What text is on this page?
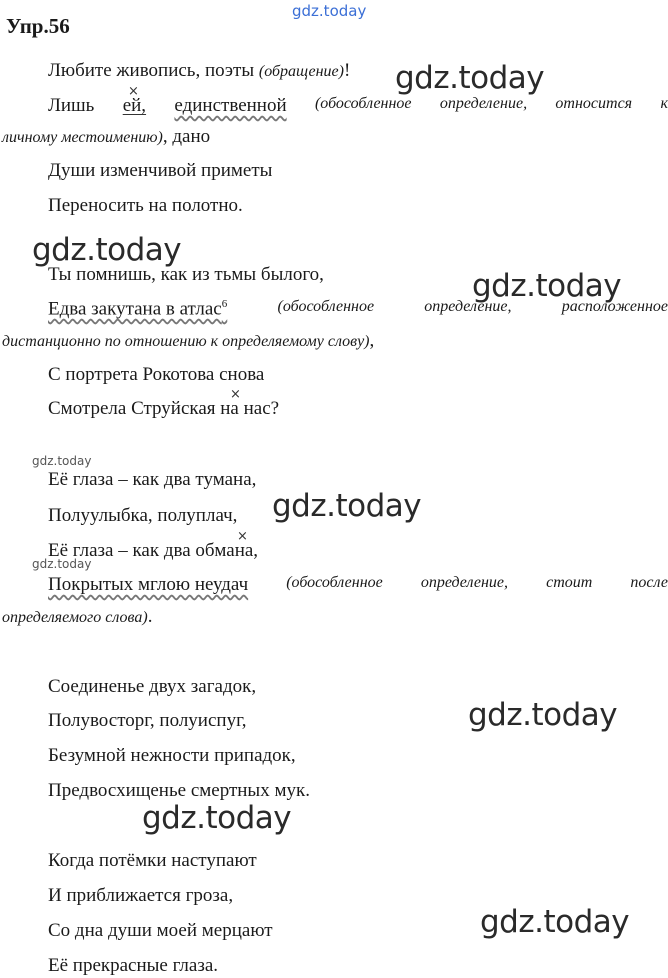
gdz.today
Упр.56
Любите живопись, поэты (обращение)!
×
Лишь ей, единственной (обособленное определение, относится к
личному местоимению), дано
Души изменчивой приметы
Переносить на полотно.
Ты помнишь, как из тьмы былого,
Едва закутана в атлас$^6$	(обособленное	определение,	расположенное
дистанционно по отношению к определяемому слову),
С портрета Рокотова снова
×
Смотрела Струйская на нас?
gdz.today
Её глаза – как два тумана,
Полуулыбка, полуплач,
×
Её глаза – как два обмана,
gdz.today
Покрытых мглою неудач (обособленное определение, стоит после
определяемого слова).
Соединенье двух загадок,
Полувосторг, полуиспуг,
Безумной нежности припадок,
Предвосхищенье смертных мук.
Когда потёмки наступают
И приближается гроза,
Со дна души моей мерцают
Её прекрасные глаза.
gdz.today
gdz.today
gdz.today
gdz.today
gdz.today
gdz.today
gdz.today
